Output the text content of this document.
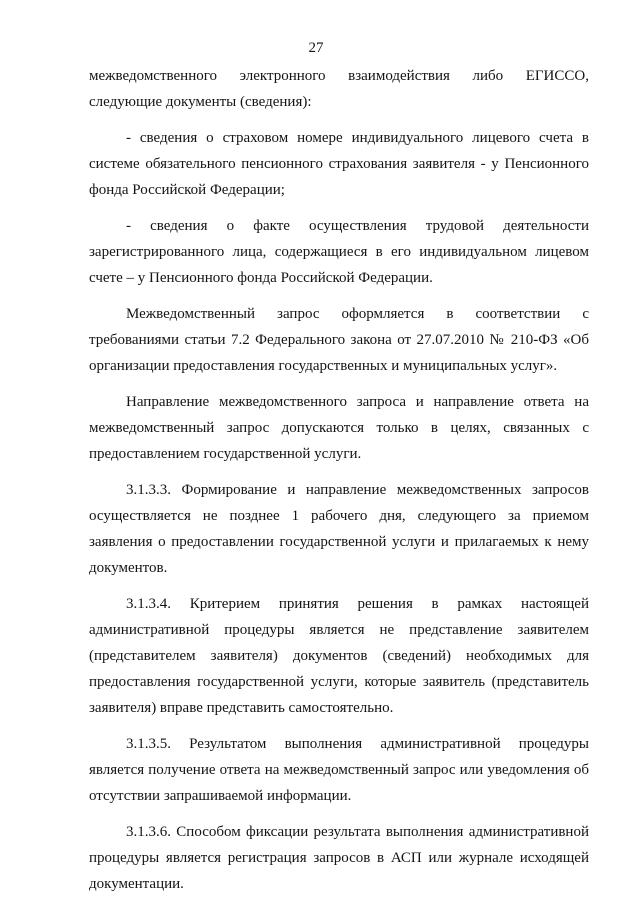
27

межведомственного электронного взаимодействия либо ЕГИССО, следующие документы (сведения):

- сведения о страховом номере индивидуального лицевого счета в системе обязательного пенсионного страхования заявителя - у Пенсионного фонда Российской Федерации;

- сведения о факте осуществления трудовой деятельности зарегистрированного лица, содержащиеся в его индивидуальном лицевом счете – у Пенсионного фонда Российской Федерации.

Межведомственный запрос оформляется в соответствии с требованиями статьи 7.2 Федерального закона от 27.07.2010 № 210-ФЗ «Об организации предоставления государственных и муниципальных услуг».

Направление межведомственного запроса и направление ответа на межведомственный запрос допускаются только в целях, связанных с предоставлением государственной услуги.

3.1.3.3. Формирование и направление межведомственных запросов осуществляется не позднее 1 рабочего дня, следующего за приемом заявления о предоставлении государственной услуги и прилагаемых к нему документов.

3.1.3.4. Критерием принятия решения в рамках настоящей административной процедуры является не представление заявителем (представителем заявителя) документов (сведений) необходимых для предоставления государственной услуги, которые заявитель (представитель заявителя) вправе представить самостоятельно.

3.1.3.5. Результатом выполнения административной процедуры является получение ответа на межведомственный запрос или уведомления об отсутствии запрашиваемой информации.

3.1.3.6. Способом фиксации результата выполнения административной процедуры является регистрация запросов в АСП или журнале исходящей документации.
